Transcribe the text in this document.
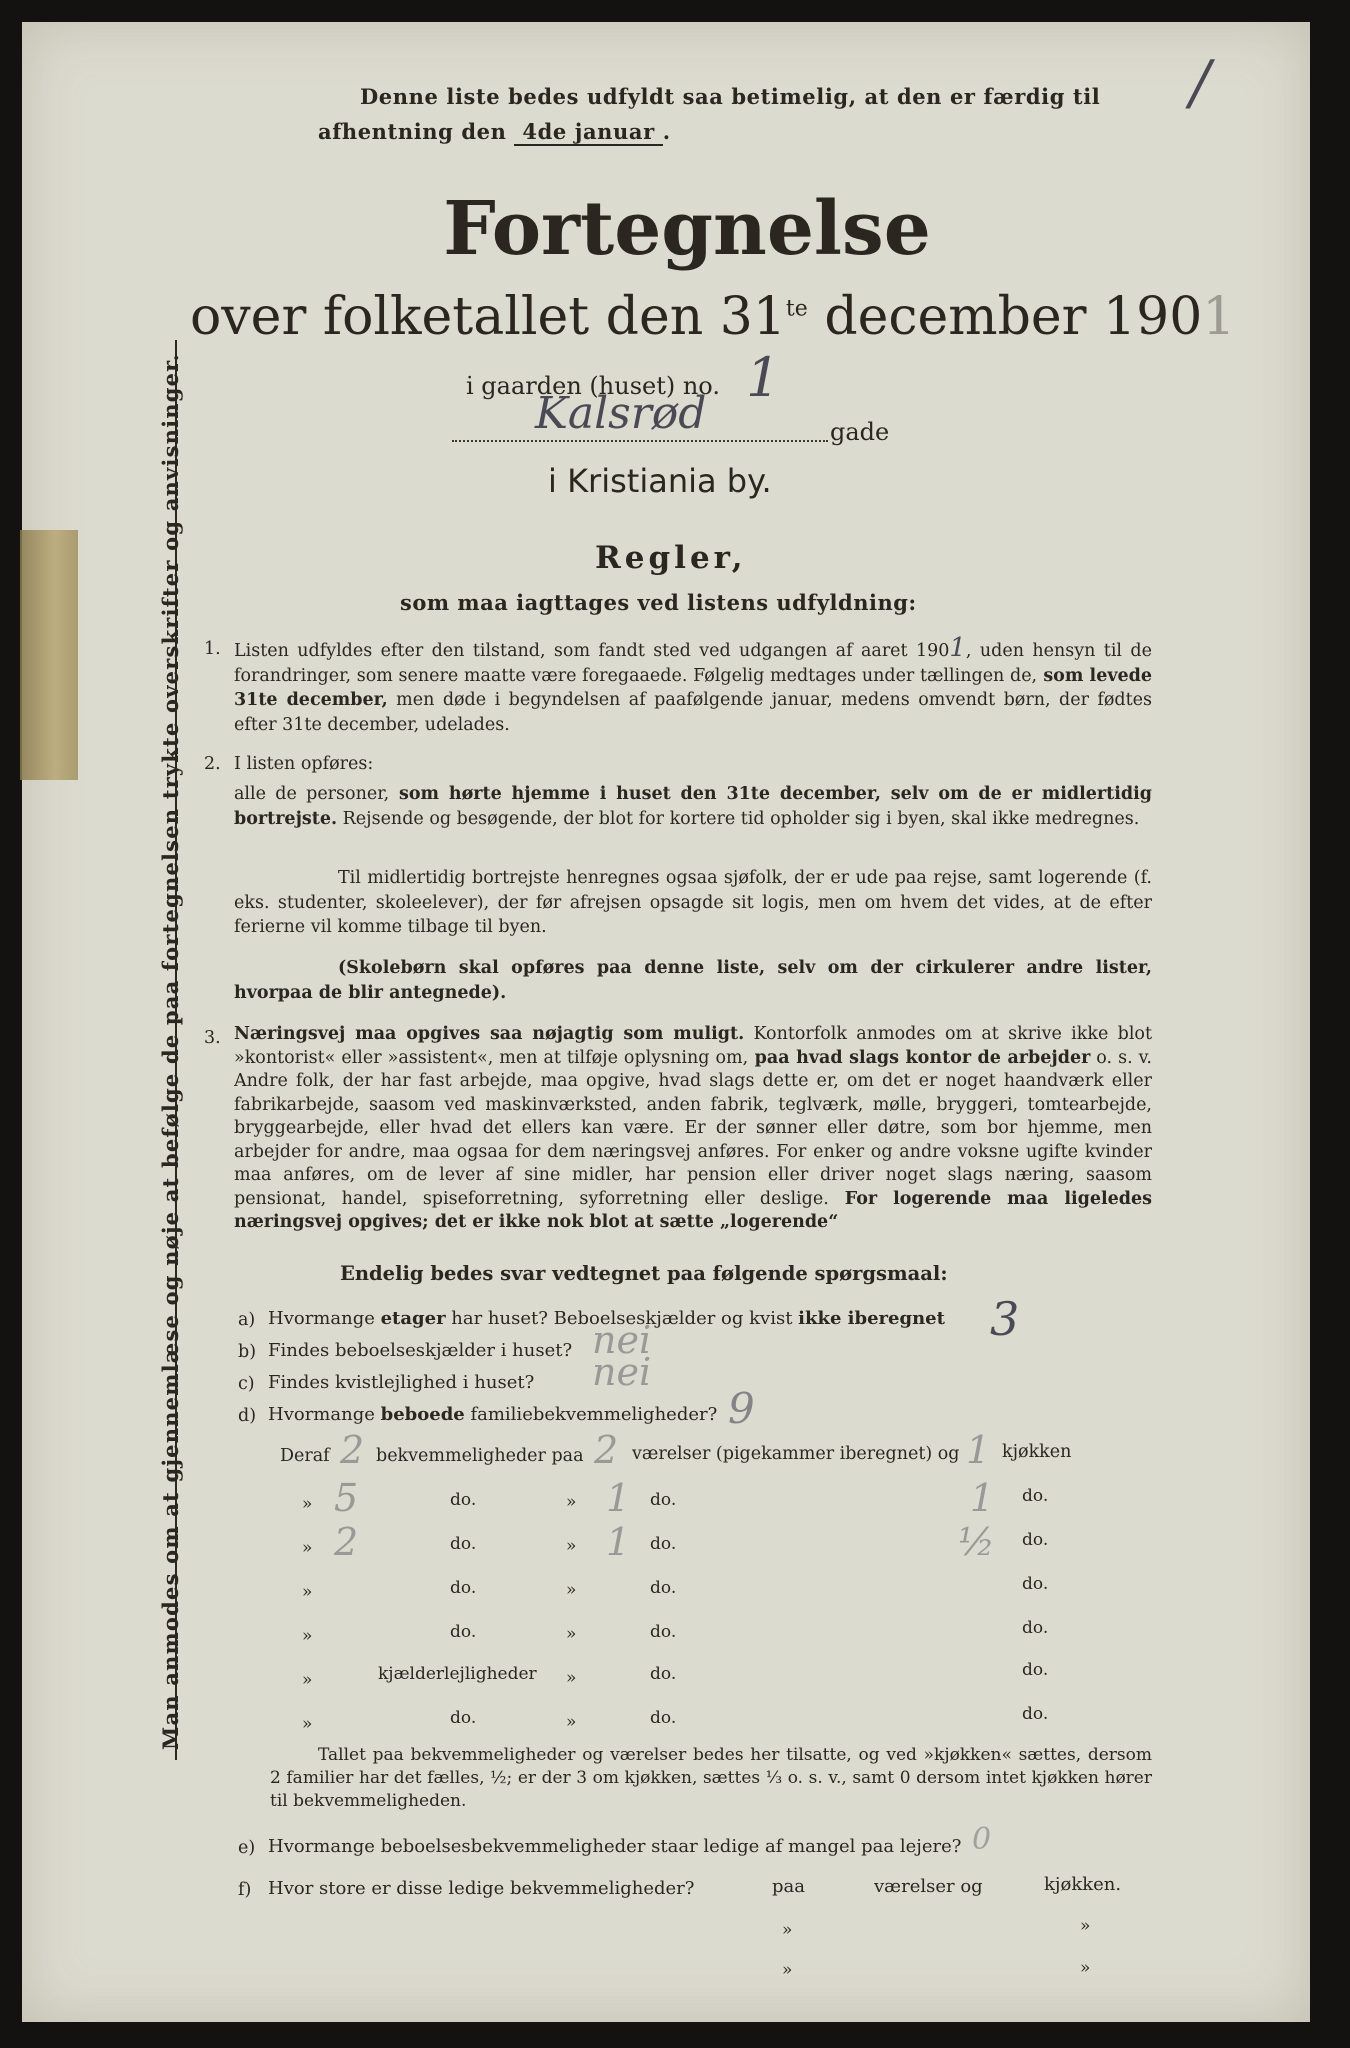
/
Denne liste bedes udfyldt saa betimelig, at den er færdig til
afhentning den 4de januar .
Fortegnelse
over folketallet den $31^{te}$ december 1901
i gaarden (huset) no. 1
Kalsrød	gade
i Kristiania by.
Regler,
som maa iagttages ved listens udfyldning:
1. Listen udfyldes efter den tilstand, som fandt sted ved udgangen af aaret 1901, uden hensyn til de forandringer, som senere maatte være foregaaede. Følgelig medtages under tællingen de, som levede 31te december, men døde i begyndelsen af paafølgende januar, medens omvendt børn, der fødtes efter 31te december, udelades.
2. I listen opføres:
alle de personer, som hørte hjemme i huset den 31te december, selv om de er midlertidig bortrejste. Rejsende og besøgende, der blot for kortere tid opholder sig i byen, skal ikke medregnes.
Til midlertidig bortrejste henregnes ogsaa sjøfolk, der er ude paa rejse, samt logerende (f. eks. studenter, skoleelever), der før afrejsen opsagde sit logis, men om hvem det vides, at de efter ferierne vil komme tilbage til byen.
(Skolebørn skal opføres paa denne liste, selv om der cirkulerer andre lister, hvorpaa de blir antegnede).
3. Næringsvej maa opgives saa nøjagtig som muligt. Kontorfolk anmodes om at skrive ikke blot »kontorist« eller »assistent«, men at tilføje oplysning om, paa hvad slags kontor de arbejder o. s. v. Andre folk, der har fast arbejde, maa opgive, hvad slags dette er, om det er noget haandværk eller fabrikarbejde, saasom ved maskinværksted, anden fabrik, teglværk, mølle, bryggeri, tomtearbejde, bryggearbejde, eller hvad det ellers kan være. Er der sønner eller døtre, som bor hjemme, men arbejder for andre, maa ogsaa for dem næringsvej anføres. For enker og andre voksne ugifte kvinder maa anføres, om de lever af sine midler, har pension eller driver noget slags næring, saasom pensionat, handel, spiseforretning, syforretning eller deslige. For logerende maa ligeledes næringsvej opgives; det er ikke nok blot at sætte „logerende“
Endelig bedes svar vedtegnet paa følgende spørgsmaal:
a) Hvormange etager har huset? Beboelseskjælder og kvist ikke iberegnet 3
b) Findes beboelseskjælder i huset? nei
c) Findes kvistlejlighed i huset? nei
d) Hvormange beboede familiebekvemmeligheder? 9
Deraf 2 bekvemmeligheder paa 2 værelser (pigekammer iberegnet) og 1 kjøkken
» 5	do.	» 1 do.	1 do.
» 2	do.	» 1 do.	½ do.
»	do.	»	do.	do.
»	do.	»	do.	do.
»	kjælderlejligheder »	do.	do.
»	do.	»	do.	do.
Tallet paa bekvemmeligheder og værelser bedes her tilsatte, og ved »kjøkken« sættes, dersom 2 familier har det fælles, ½; er der 3 om kjøkken, sættes ⅓ o. s. v., samt 0 dersom intet kjøkken hører til bekvemmeligheden.
e) Hvormange beboelsesbekvemmeligheder staar ledige af mangel paa lejere? 0
f) Hvor store er disse ledige bekvemmeligheder?	paa	værelser og	kjøkken.
»	»
»	»
Man anmodes om at gjennemlæse og nøje at befølge de paa fortegnelsen trykte overskrifter og anvisninger.
